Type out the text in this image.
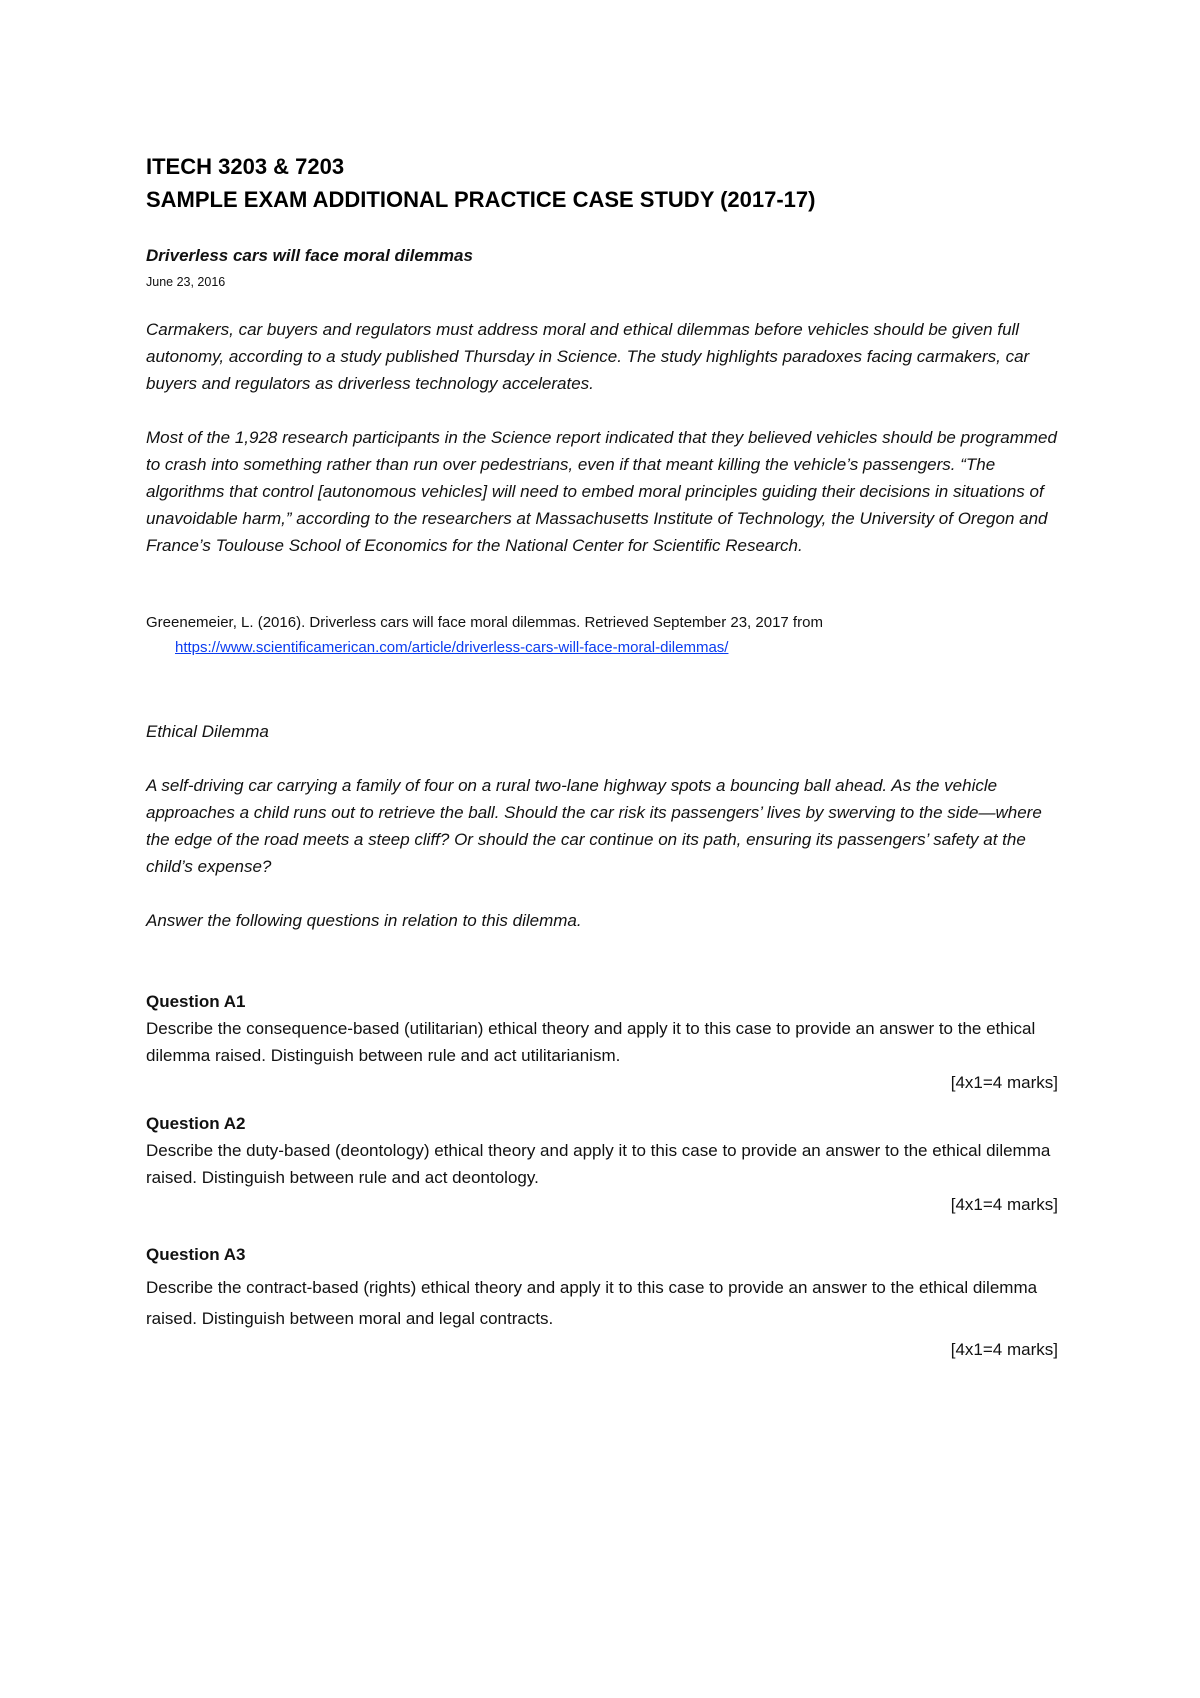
ITECH 3203 & 7203
SAMPLE EXAM ADDITIONAL PRACTICE CASE STUDY (2017-17)

Driverless cars will face moral dilemmas

June 23, 2016

Carmakers, car buyers and regulators must address moral and ethical dilemmas before vehicles should be given full autonomy, according to a study published Thursday in Science. The study highlights paradoxes facing carmakers, car buyers and regulators as driverless technology accelerates.

Most of the 1,928 research participants in the Science report indicated that they believed vehicles should be programmed to crash into something rather than run over pedestrians, even if that meant killing the vehicle’s passengers. “The algorithms that control [autonomous vehicles] will need to embed moral principles guiding their decisions in situations of unavoidable harm,” according to the researchers at Massachusetts Institute of Technology, the University of Oregon and France’s Toulouse School of Economics for the National Center for Scientific Research.

Greenemeier, L. (2016). Driverless cars will face moral dilemmas. Retrieved September 23, 2017 from
https://www.scientificamerican.com/article/driverless-cars-will-face-moral-dilemmas/

Ethical Dilemma

A self-driving car carrying a family of four on a rural two-lane highway spots a bouncing ball ahead. As the vehicle approaches a child runs out to retrieve the ball. Should the car risk its passengers’ lives by swerving to the side—where the edge of the road meets a steep cliff? Or should the car continue on its path, ensuring its passengers’ safety at the child’s expense?

Answer the following questions in relation to this dilemma.

Question A1

Describe the consequence-based (utilitarian) ethical theory and apply it to this case to provide an answer to the ethical dilemma raised. Distinguish between rule and act utilitarianism.

[4x1=4 marks]

Question A2

Describe the duty-based (deontology) ethical theory and apply it to this case to provide an answer to the ethical dilemma raised. Distinguish between rule and act deontology.

[4x1=4 marks]

Question A3

Describe the contract-based (rights) ethical theory and apply it to this case to provide an answer to the ethical dilemma raised. Distinguish between moral and legal contracts.

[4x1=4 marks]
